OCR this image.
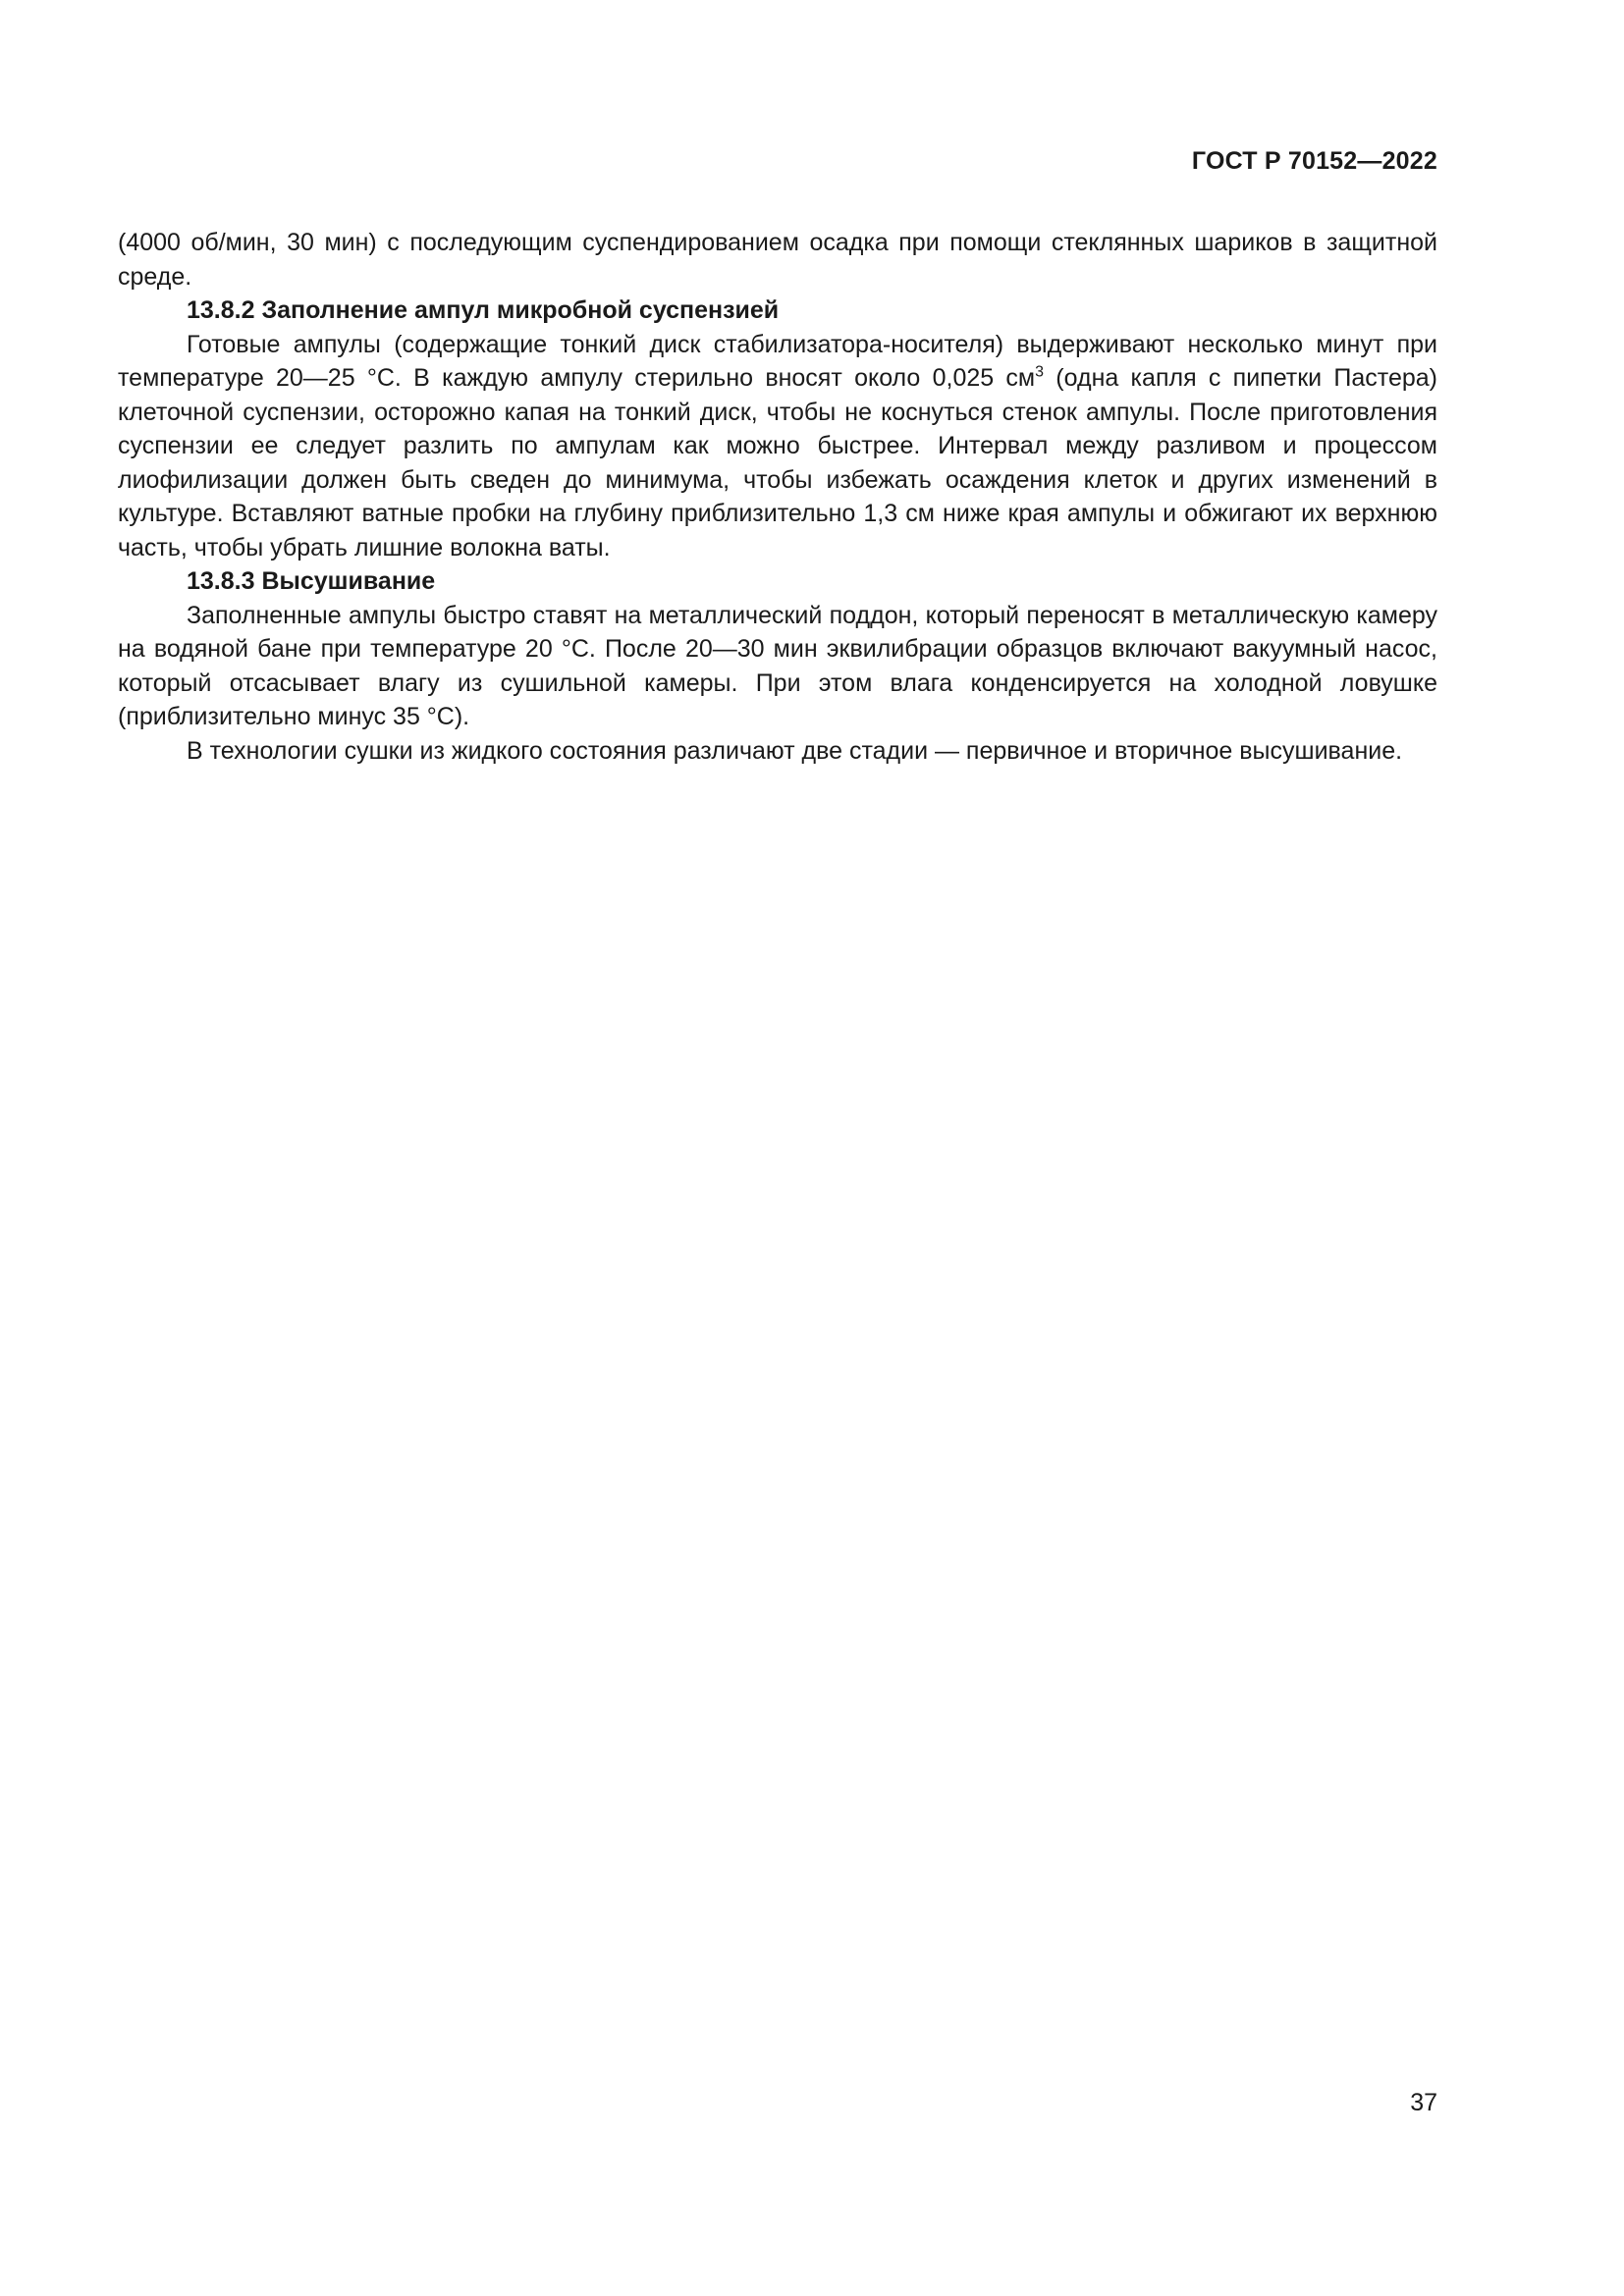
ГОСТ Р 70152—2022

(4000 об/мин, 30 мин) с последующим суспендированием осадка при помощи стеклянных шариков в защитной среде.

13.8.2 Заполнение ампул микробной суспензией

Готовые ампулы (содержащие тонкий диск стабилизатора-носителя) выдерживают несколько минут при температуре 20—25 °С. В каждую ампулу стерильно вносят около 0,025 $см^3$ (одна капля с пипетки Пастера) клеточной суспензии, осторожно капая на тонкий диск, чтобы не коснуться стенок ампулы. После приготовления суспензии ее следует разлить по ампулам как можно быстрее. Интервал между разливом и процессом лиофилизации должен быть сведен до минимума, чтобы избежать осаждения клеток и других изменений в культуре. Вставляют ватные пробки на глубину приблизительно 1,3 см ниже края ампулы и обжигают их верхнюю часть, чтобы убрать лишние волокна ваты.

13.8.3 Высушивание

Заполненные ампулы быстро ставят на металлический поддон, который переносят в металлическую камеру на водяной бане при температуре 20 °С. После 20—30 мин эквилибрации образцов включают вакуумный насос, который отсасывает влагу из сушильной камеры. При этом влага конденсируется на холодной ловушке (приблизительно минус 35 °С).

В технологии сушки из жидкого состояния различают две стадии — первичное и вторичное высушивание.

37
